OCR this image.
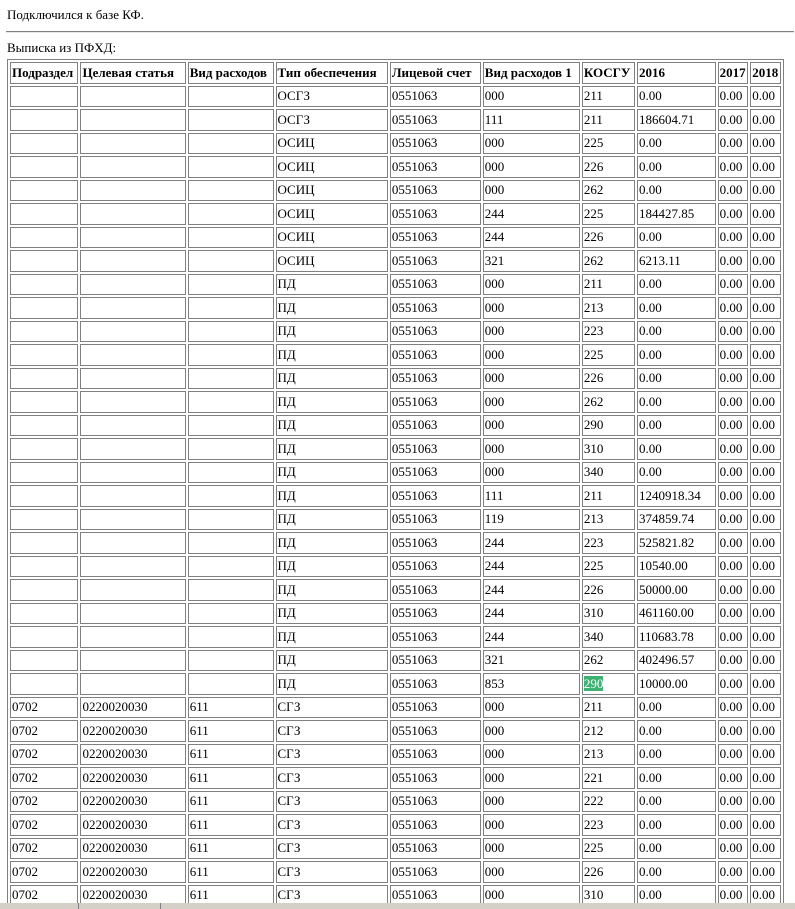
Подключился к базе КФ.
Выписка из ПФХД:
Подраздел	Целевая статья	Вид расходов	Тип обеспечения	Лицевой счет	Вид расходов 1	КОСГУ	2016	2017	2018
			ОСГЗ	0551063	000	211	0.00	0.00	0.00
			ОСГЗ	0551063	111	211	186604.71	0.00	0.00
			ОСИЦ	0551063	000	225	0.00	0.00	0.00
			ОСИЦ	0551063	000	226	0.00	0.00	0.00
			ОСИЦ	0551063	000	262	0.00	0.00	0.00
			ОСИЦ	0551063	244	225	184427.85	0.00	0.00
			ОСИЦ	0551063	244	226	0.00	0.00	0.00
			ОСИЦ	0551063	321	262	6213.11	0.00	0.00
			ПД	0551063	000	211	0.00	0.00	0.00
			ПД	0551063	000	213	0.00	0.00	0.00
			ПД	0551063	000	223	0.00	0.00	0.00
			ПД	0551063	000	225	0.00	0.00	0.00
			ПД	0551063	000	226	0.00	0.00	0.00
			ПД	0551063	000	262	0.00	0.00	0.00
			ПД	0551063	000	290	0.00	0.00	0.00
			ПД	0551063	000	310	0.00	0.00	0.00
			ПД	0551063	000	340	0.00	0.00	0.00
			ПД	0551063	111	211	1240918.34	0.00	0.00
			ПД	0551063	119	213	374859.74	0.00	0.00
			ПД	0551063	244	223	525821.82	0.00	0.00
			ПД	0551063	244	225	10540.00	0.00	0.00
			ПД	0551063	244	226	50000.00	0.00	0.00
			ПД	0551063	244	310	461160.00	0.00	0.00
			ПД	0551063	244	340	110683.78	0.00	0.00
			ПД	0551063	321	262	402496.57	0.00	0.00
			ПД	0551063	853	290	10000.00	0.00	0.00
0702	0220020030	611	СГЗ	0551063	000	211	0.00	0.00	0.00
0702	0220020030	611	СГЗ	0551063	000	212	0.00	0.00	0.00
0702	0220020030	611	СГЗ	0551063	000	213	0.00	0.00	0.00
0702	0220020030	611	СГЗ	0551063	000	221	0.00	0.00	0.00
0702	0220020030	611	СГЗ	0551063	000	222	0.00	0.00	0.00
0702	0220020030	611	СГЗ	0551063	000	223	0.00	0.00	0.00
0702	0220020030	611	СГЗ	0551063	000	225	0.00	0.00	0.00
0702	0220020030	611	СГЗ	0551063	000	226	0.00	0.00	0.00
0702	0220020030	611	СГЗ	0551063	000	310	0.00	0.00	0.00
